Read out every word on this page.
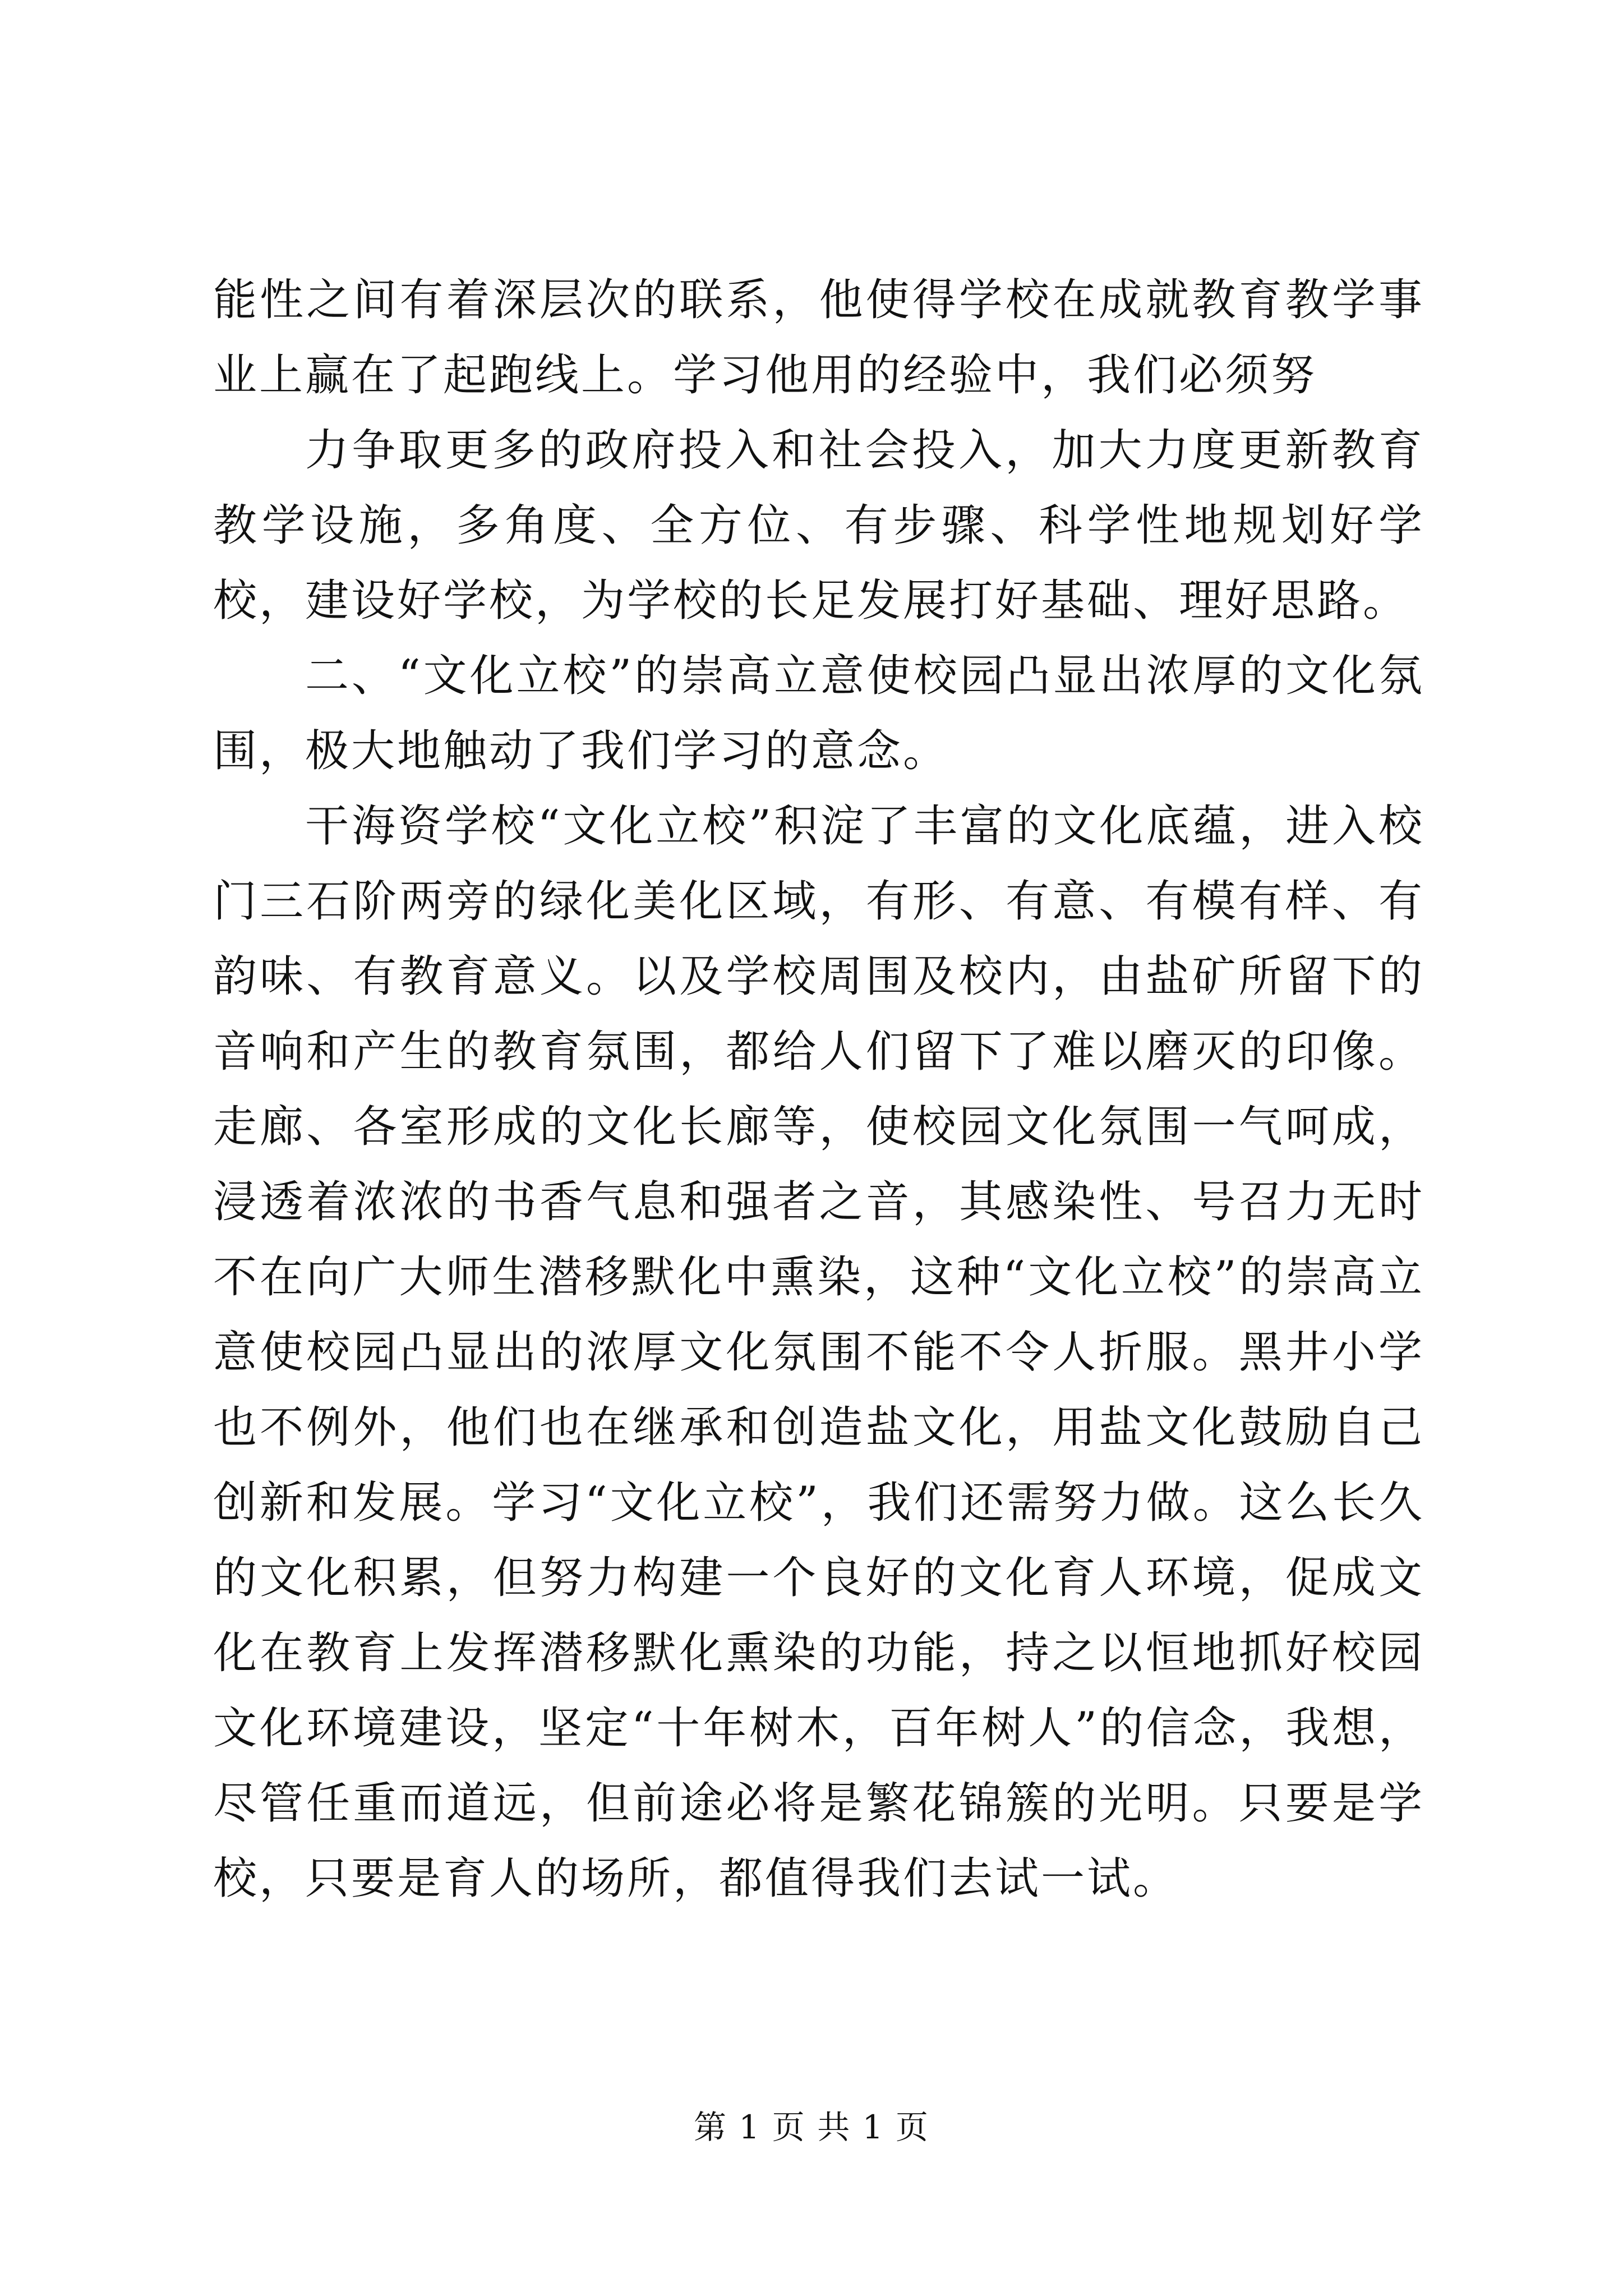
能性之间有着深层次的联系，他使得学校在成就教育教学事业上赢在了起跑线上。学习他用的经验中，我们必须努

力争取更多的政府投入和社会投入，加大力度更新教育教学设施，多角度、全方位、有步骤、科学性地规划好学校，建设好学校，为学校的长足发展打好基础、理好思路。

二、“文化立校”的崇高立意使校园凸显出浓厚的文化氛围，极大地触动了我们学习的意念。

干海资学校“文化立校”积淀了丰富的文化底蕴，进入校门三石阶两旁的绿化美化区域，有形、有意、有模有样、有韵味、有教育意义。以及学校周围及校内，由盐矿所留下的音响和产生的教育氛围，都给人们留下了难以磨灭的印像。走廊、各室形成的文化长廊等，使校园文化氛围一气呵成，浸透着浓浓的书香气息和强者之音，其感染性、号召力无时不在向广大师生潜移默化中熏染，这种“文化立校”的崇高立意使校园凸显出的浓厚文化氛围不能不令人折服。黑井小学也不例外，他们也在继承和创造盐文化，用盐文化鼓励自己创新和发展。学习“文化立校”，我们还需努力做。这么长久的文化积累，但努力构建一个良好的文化育人环境，促成文化在教育上发挥潜移默化熏染的功能，持之以恒地抓好校园文化环境建设，坚定“十年树木，百年树人”的信念，我想，尽管任重而道远，但前途必将是繁花锦簇的光明。只要是学校，只要是育人的场所，都值得我们去试一试。

第 1 页 共 1 页
